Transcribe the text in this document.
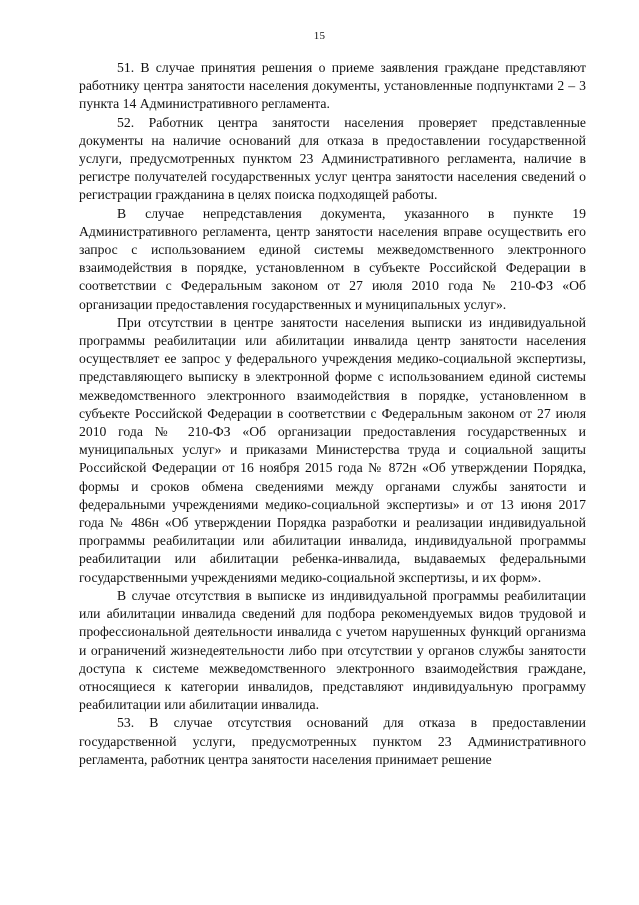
15

51. В случае принятия решения о приеме заявления граждане представляют работнику центра занятости населения документы, установленные подпунктами 2 – 3 пункта 14 Административного регламента.

52. Работник центра занятости населения проверяет представленные документы на наличие оснований для отказа в предоставлении государственной услуги, предусмотренных пунктом 23 Административного регламента, наличие в регистре получателей государственных услуг центра занятости населения сведений о регистрации гражданина в целях поиска подходящей работы.

В случае непредставления документа, указанного в пункте 19 Административного регламента, центр занятости населения вправе осуществить его запрос с использованием единой системы межведомственного электронного взаимодействия в порядке, установленном в субъекте Российской Федерации в соответствии с Федеральным законом от 27 июля 2010 года № 210-ФЗ «Об организации предоставления государственных и муниципальных услуг».

При отсутствии в центре занятости населения выписки из индивидуальной программы реабилитации или абилитации инвалида центр занятости населения осуществляет ее запрос у федерального учреждения медико-социальной экспертизы, представляющего выписку в электронной форме с использованием единой системы межведомственного электронного взаимодействия в порядке, установленном в субъекте Российской Федерации в соответствии с Федеральным законом от 27 июля 2010 года № 210-ФЗ «Об организации предоставления государственных и муниципальных услуг» и приказами Министерства труда и социальной защиты Российской Федерации от 16 ноября 2015 года № 872н «Об утверждении Порядка, формы и сроков обмена сведениями между органами службы занятости и федеральными учреждениями медико-социальной экспертизы» и от 13 июня 2017 года № 486н «Об утверждении Порядка разработки и реализации индивидуальной программы реабилитации или абилитации инвалида, индивидуальной программы реабилитации или абилитации ребенка-инвалида, выдаваемых федеральными государственными учреждениями медико-социальной экспертизы, и их форм».

В случае отсутствия в выписке из индивидуальной программы реабилитации или абилитации инвалида сведений для подбора рекомендуемых видов трудовой и профессиональной деятельности инвалида с учетом нарушенных функций организма и ограничений жизнедеятельности либо при отсутствии у органов службы занятости доступа к системе межведомственного электронного взаимодействия граждане, относящиеся к категории инвалидов, представляют индивидуальную программу реабилитации или абилитации инвалида.

53. В случае отсутствия оснований для отказа в предоставлении государственной услуги, предусмотренных пунктом 23 Административного регламента, работник центра занятости населения принимает решение
